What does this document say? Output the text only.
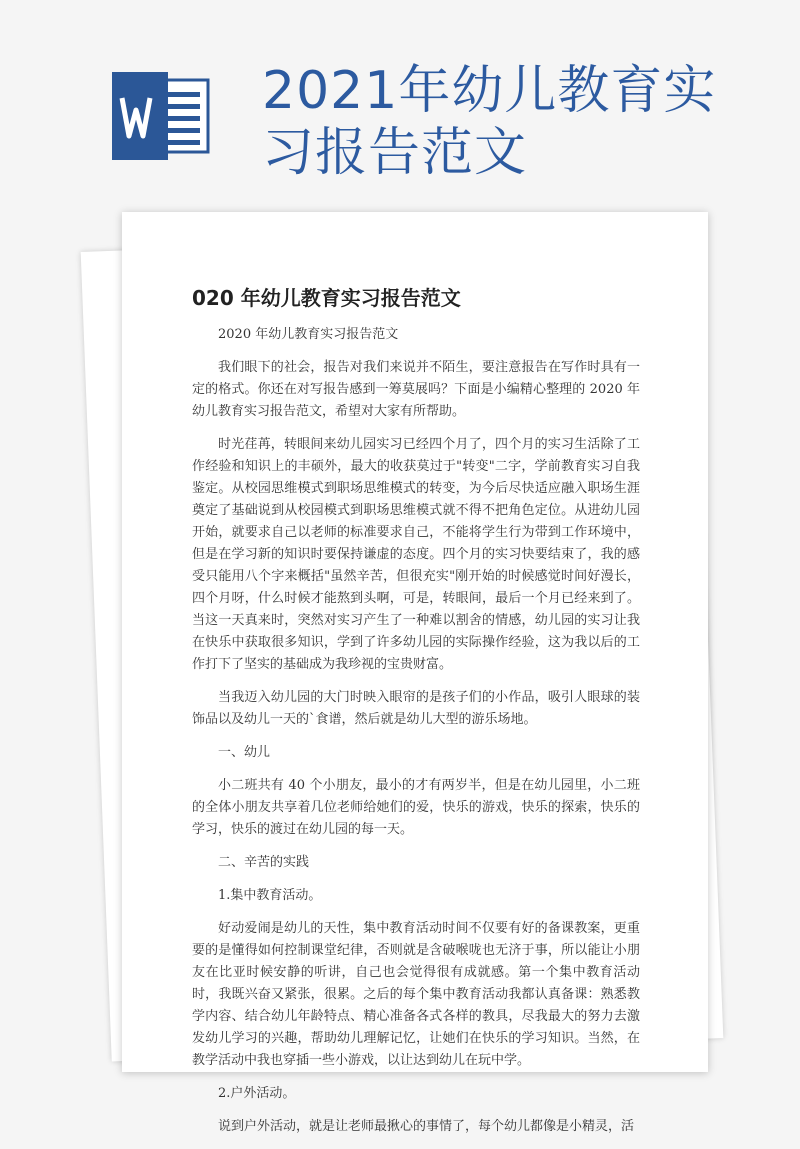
2021年幼儿教育实习报告范文
020 年幼儿教育实习报告范文

2020 年幼儿教育实习报告范文

我们眼下的社会，报告对我们来说并不陌生，要注意报告在写作时具有一定的格式。你还在对写报告感到一筹莫展吗？下面是小编精心整理的 2020 年幼儿教育实习报告范文，希望对大家有所帮助。

时光荏苒，转眼间来幼儿园实习已经四个月了，四个月的实习生活除了工作经验和知识上的丰硕外，最大的收获莫过于"转变"二字，学前教育实习自我鉴定。从校园思维模式到职场思维模式的转变，为今后尽快适应融入职场生涯奠定了基础说到从校园模式到职场思维模式就不得不把角色定位。从进幼儿园开始，就要求自己以老师的标准要求自己，不能将学生行为带到工作环境中，但是在学习新的知识时要保持谦虚的态度。四个月的实习快要结束了，我的感受只能用八个字来概括"虽然辛苦，但很充实"刚开始的时候感觉时间好漫长，四个月呀，什么时候才能熬到头啊，可是，转眼间，最后一个月已经来到了。当这一天真来时，突然对实习产生了一种难以割舍的情感，幼儿园的实习让我在快乐中获取很多知识，学到了许多幼儿园的实际操作经验，这为我以后的工作打下了坚实的基础成为我珍视的宝贵财富。

当我迈入幼儿园的大门时映入眼帘的是孩子们的小作品，吸引人眼球的装饰品以及幼儿一天的`食谱，然后就是幼儿大型的游乐场地。

一、幼儿

小二班共有 40 个小朋友，最小的才有两岁半，但是在幼儿园里，小二班的全体小朋友共享着几位老师给她们的爱，快乐的游戏，快乐的探索，快乐的学习，快乐的渡过在幼儿园的每一天。

二、辛苦的实践

1.集中教育活动。

好动爱闹是幼儿的天性，集中教育活动时间不仅要有好的备课教案，更重要的是懂得如何控制课堂纪律，否则就是含破喉咙也无济于事，所以能让小朋友在比亚时候安静的听讲，自己也会觉得很有成就感。第一个集中教育活动时，我既兴奋又紧张，很累。之后的每个集中教育活动我都认真备课：熟悉教学内容、结合幼儿年龄特点、精心准备各式各样的教具，尽我最大的努力去激发幼儿学习的兴趣，帮助幼儿理解记忆，让她们在快乐的学习知识。当然，在教学活动中我也穿插一些小游戏，以让达到幼儿在玩中学。

2.户外活动。

说到户外活动，就是让老师最揪心的事情了，每个幼儿都像是小精灵，活
